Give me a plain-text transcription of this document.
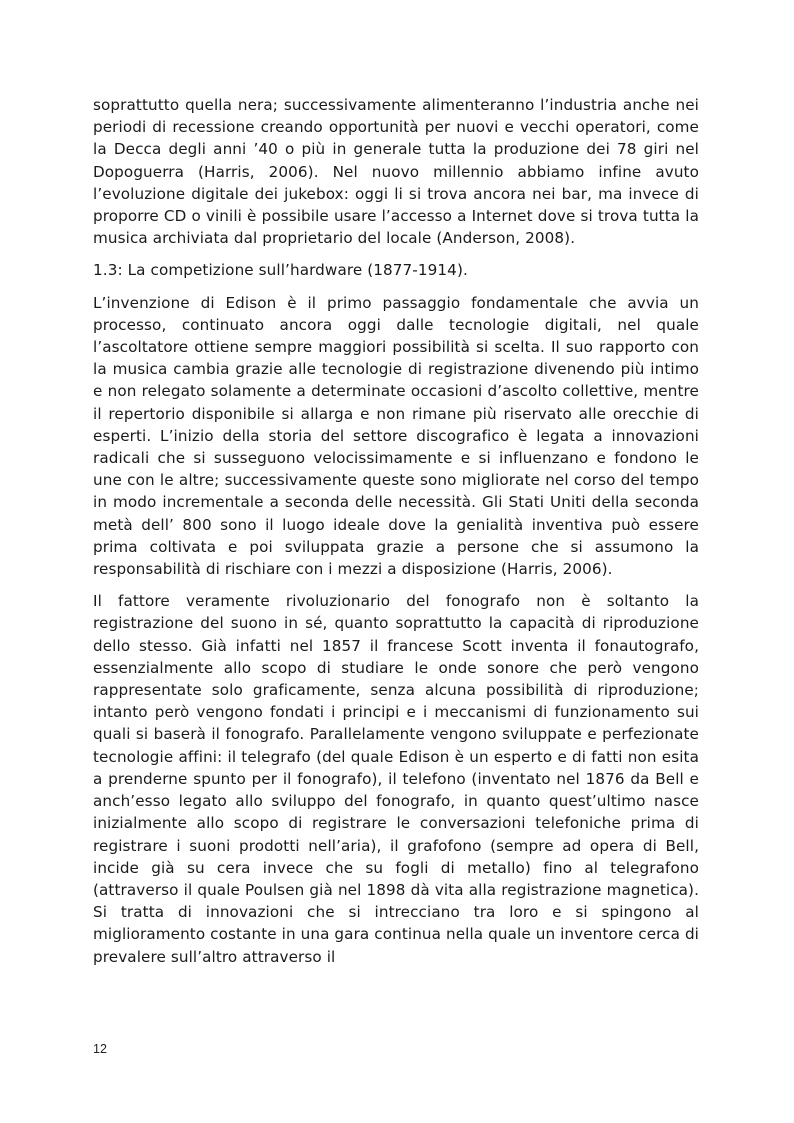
soprattutto quella nera; successivamente alimenteranno l’industria anche nei periodi di recessione creando opportunità per nuovi e vecchi operatori, come la Decca degli anni ’40 o più in generale tutta la produzione dei 78 giri nel Dopoguerra (Harris, 2006). Nel nuovo millennio abbiamo infine avuto l’evoluzione digitale dei jukebox: oggi li si trova ancora nei bar, ma invece di proporre CD o vinili è possibile usare l’accesso a Internet dove si trova tutta la musica archiviata dal proprietario del locale (Anderson, 2008).

1.3: La competizione sull’hardware (1877-1914).

L’invenzione di Edison è il primo passaggio fondamentale che avvia un processo, continuato ancora oggi dalle tecnologie digitali, nel quale l’ascoltatore ottiene sempre maggiori possibilità si scelta. Il suo rapporto con la musica cambia grazie alle tecnologie di registrazione divenendo più intimo e non relegato solamente a determinate occasioni d’ascolto collettive, mentre il repertorio disponibile si allarga e non rimane più riservato alle orecchie di esperti. L’inizio della storia del settore discografico è legata a innovazioni radicali che si susseguono velocissimamente e si influenzano e fondono le une con le altre; successivamente queste sono migliorate nel corso del tempo in modo incrementale a seconda delle necessità. Gli Stati Uniti della seconda metà dell’ 800 sono il luogo ideale dove la genialità inventiva può essere prima coltivata e poi sviluppata grazie a persone che si assumono la responsabilità di rischiare con i mezzi a disposizione (Harris, 2006).

Il fattore veramente rivoluzionario del fonografo non è soltanto la registrazione del suono in sé, quanto soprattutto la capacità di riproduzione dello stesso. Già infatti nel 1857 il francese Scott inventa il fonautografo, essenzialmente allo scopo di studiare le onde sonore che però vengono rappresentate solo graficamente, senza alcuna possibilità di riproduzione; intanto però vengono fondati i principi e i meccanismi di funzionamento sui quali si baserà il fonografo. Parallelamente vengono sviluppate e perfezionate tecnologie affini: il telegrafo (del quale Edison è un esperto e di fatti non esita a prenderne spunto per il fonografo), il telefono (inventato nel 1876 da Bell e anch’esso legato allo sviluppo del fonografo, in quanto quest’ultimo nasce inizialmente allo scopo di registrare le conversazioni telefoniche prima di registrare i suoni prodotti nell’aria), il grafofono (sempre ad opera di Bell, incide già su cera invece che su fogli di metallo) fino al telegrafono (attraverso il quale Poulsen già nel 1898 dà vita alla registrazione magnetica). Si tratta di innovazioni che si intrecciano tra loro e si spingono al miglioramento costante in una gara continua nella quale un inventore cerca di prevalere sull’altro attraverso il

12
